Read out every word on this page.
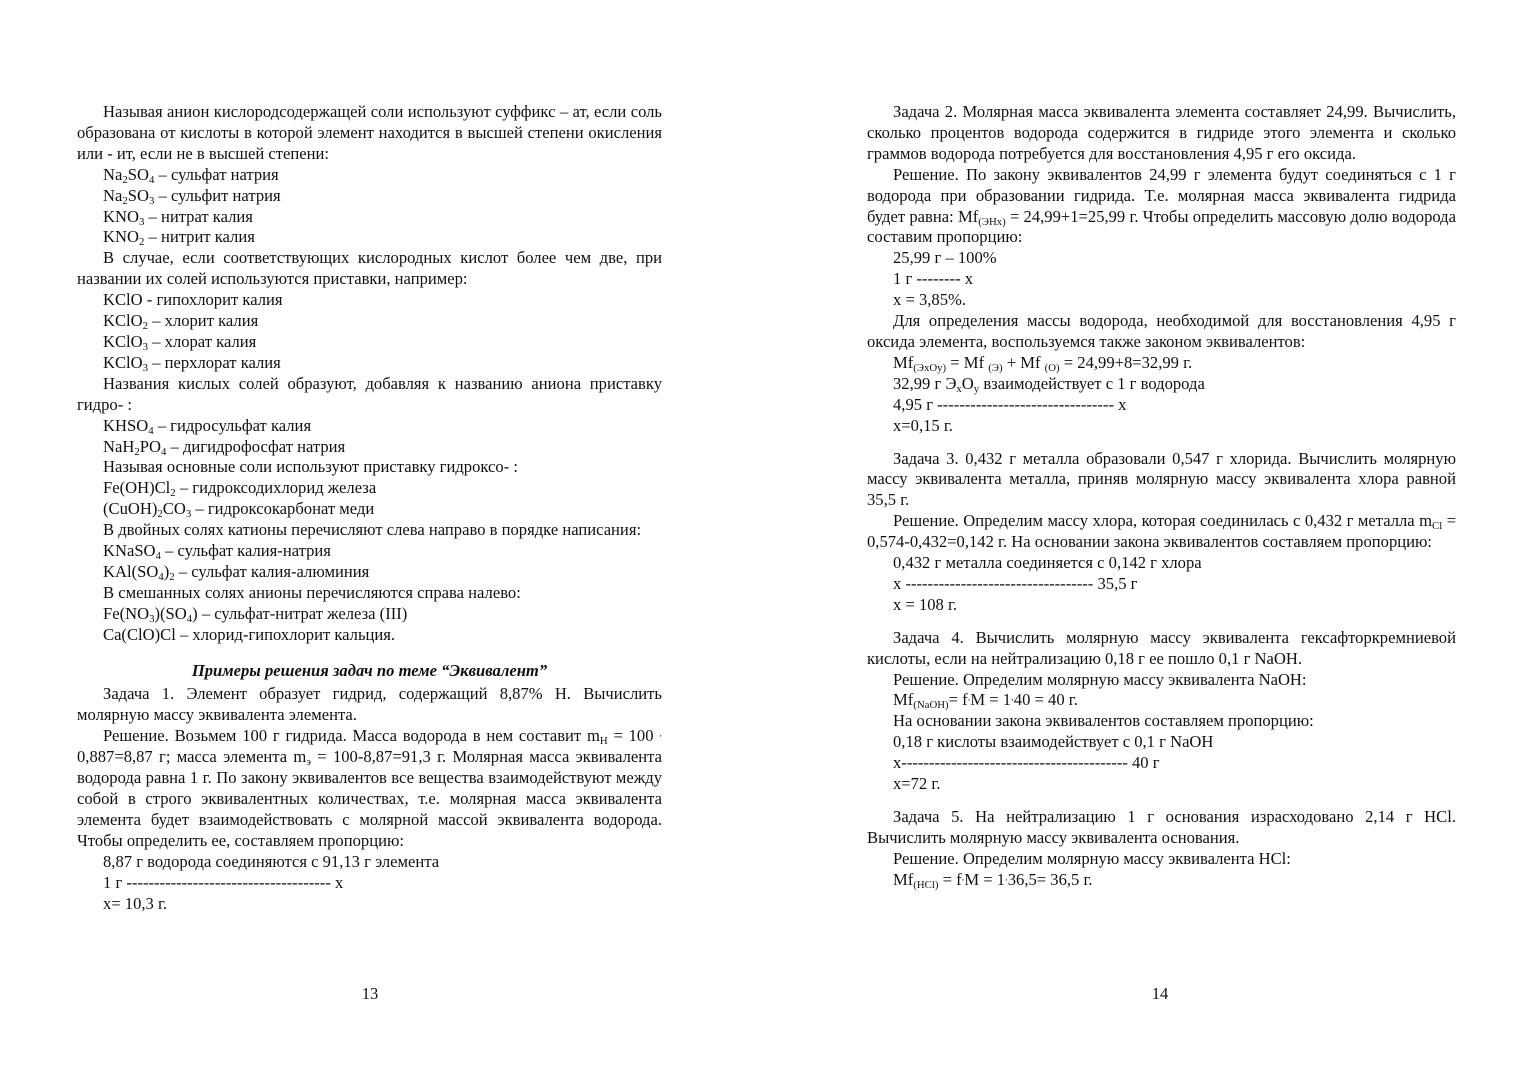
Называя анион кислородсодержащей соли используют суффикс – ат, если соль образована от кислоты в которой элемент находится в высшей степени окисления или - ит, если не в высшей степени:

$Na_2SO_4$ – сульфат натрия

$Na_2SO_3$ – сульфит натрия

$KNO_3$ – нитрат калия

$KNO_2$ – нитрит калия

В случае, если соответствующих кислородных кислот более чем две, при названии их солей используются приставки, например:

KClO - гипохлорит калия

KClO$_2$ – хлорит калия

KClO$_3$ – хлорат калия

KClO$_3$ – перхлорат калия

Названия кислых солей образуют, добавляя к названию аниона приставку гидро- :

$KHSO_4$ – гидросульфат калия

$NaH_2PO_4$ – дигидрофосфат натрия

Называя основные соли используют приставку гидроксо- :

$Fe(OH)Cl_2$ – гидроксодихлорид железа

$(CuOH)_2CO_3$ – гидроксокарбонат меди

В двойных солях катионы перечисляют слева направо в порядке написания:

KNaSO$_4$ – сульфат калия-натрия

$KAl(SO_4)_2$ – сульфат калия-алюминия

В смешанных солях анионы перечисляются справа налево:

$Fe(NO_3)(SO_4)$ – сульфат-нитрат железа (III)

Ca(ClO)Cl – хлорид-гипохлорит кальция.

Примеры решения задач по теме “Эквивалент”

Задача 1. Элемент образует гидрид, содержащий 8,87% H. Вычислить молярную массу эквивалента элемента.

Решение. Возьмем 100 г гидрида. Масса водорода в нем составит $m_H = 100$ . 0,887=8,87 г; масса элемента $m_э = 100-8,87=91,3$ г. Молярная масса эквивалента водорода равна 1 г. По закону эквивалентов все вещества взаимодействуют между собой в строго эквивалентных количествах, т.е. молярная масса эквивалента элемента будет взаимодействовать с молярной массой эквивалента водорода. Чтобы определить ее, составляем пропорцию:

8,87 г водорода соединяются с 91,13 г элемента

1 г ------------------------------------- x

x= 10,3 г.

13

Задача 2. Молярная масса эквивалента элемента составляет 24,99. Вычислить, сколько процентов водорода содержится в гидриде этого элемента и сколько граммов водорода потребуется для восстановления 4,95 г его оксида.

Решение. По закону эквивалентов 24,99 г элемента будут соединяться с 1 г водорода при образовании гидрида. Т.е. молярная масса эквивалента гидрида будет равна: $Mf_{(ЭHx)} = 24,99+1=25,99$ г. Чтобы определить массовую долю водорода составим пропорцию:

25,99 г – 100%

1 г -------- x

x = 3,85%.

Для определения массы водорода, необходимой для восстановления 4,95 г оксида элемента, воспользуемся также законом эквивалентов:

$Mf_{(ЭxOy)} = Mf$ $_{(Э)}$ + Mf $_{(O)}$ = 24,99+8=32,99 г.

32,99 г $Э_xO_y$ взаимодействует с 1 г водорода

4,95 г -------------------------------- x

x=0,15 г.

Задача 3. 0,432 г металла образовали 0,547 г хлорида. Вычислить молярную массу эквивалента металла, приняв молярную массу эквивалента хлора равной 35,5 г.

Решение. Определим массу хлора, которая соединилась с 0,432 г металла $m_{Cl} = 0,574-0,432=0,142$ г. На основании закона эквивалентов составляем пропорцию:

0,432 г металла соединяется с 0,142 г хлора

x ---------------------------------- 35,5 г

x = 108 г.

Задача 4. Вычислить молярную массу эквивалента гексафторкремниевой кислоты, если на нейтрализацию 0,18 г ее пошло 0,1 г NaOH.

Решение. Определим молярную массу эквивалента NaOH:

$Mf_{(NaOH)}= f^.M = 1^.40 = 40$ г.

На основании закона эквивалентов составляем пропорцию:

0,18 г кислоты взаимодействует с 0,1 г NaOH

x----------------------------------------- 40 г

x=72 г.

Задача 5. На нейтрализацию 1 г основания израсходовано 2,14 г HCl. Вычислить молярную массу эквивалента основания.

Решение. Определим молярную массу эквивалента HCl:

$Mf_{(HCl)} = f^.M = 1^.36,5= 36,5$ г.

14
